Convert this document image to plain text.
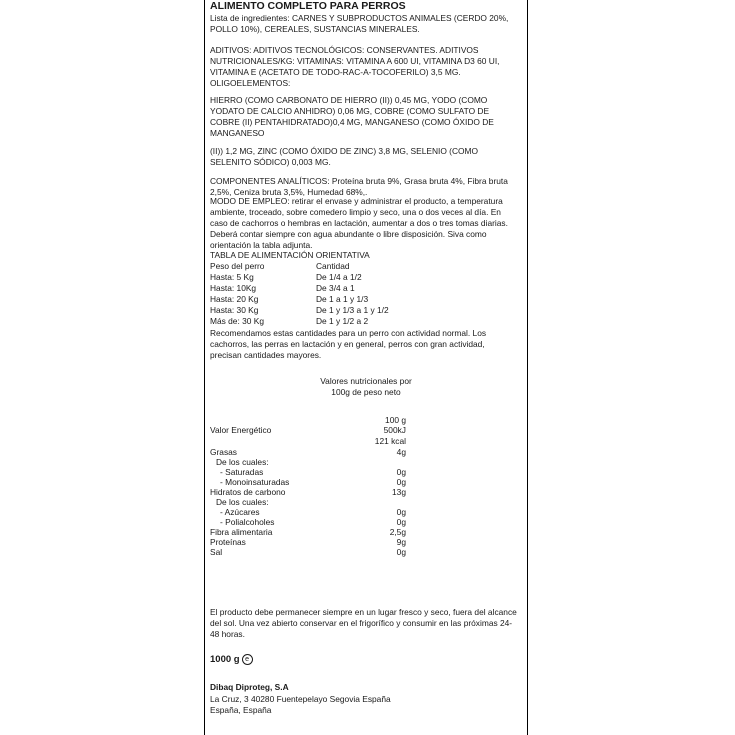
ALIMENTO COMPLETO PARA PERROS
Lista de ingredientes: CARNES Y SUBPRODUCTOS ANIMALES (CERDO 20%,
POLLO 10%), CEREALES, SUSTANCIAS MINERALES.
ADITIVOS: ADITIVOS TECNOLÓGICOS: CONSERVANTES. ADITIVOS
NUTRICIONALES/KG: VITAMINAS: VITAMINA A 600 UI, VITAMINA D3 60 UI,
VITAMINA E (ACETATO DE TODO-RAC-A-TOCOFERILO) 3,5 MG.
OLIGOELEMENTOS:
HIERRO (COMO CARBONATO DE HIERRO (II)) 0,45 MG, YODO (COMO
YODATO DE CALCIO ANHIDRO) 0,06 MG, COBRE (COMO SULFATO DE
COBRE (II) PENTAHIDRATADO)0,4 MG, MANGANESO (COMO ÓXIDO DE
MANGANESO
(II)) 1,2 MG, ZINC (COMO ÓXIDO DE ZINC) 3,8 MG, SELENIO (COMO
SELENITO SÓDICO) 0,003 MG.
COMPONENTES ANALÍTICOS: Proteína bruta 9%, Grasa bruta 4%, Fibra bruta
2,5%, Ceniza bruta 3,5%, Humedad 68%,.
MODO DE EMPLEO: retirar el envase y administrar el producto, a temperatura
ambiente, troceado, sobre comedero limpio y seco, una o dos veces al día. En
caso de cachorros o hembras en lactación, aumentar a dos o tres tomas diarias.
Deberá contar siempre con agua abundante o libre disposición. Siva como
orientación la tabla adjunta.
TABLA DE ALIMENTACIÓN ORIENTATIVA
Peso del perro	Cantidad
Hasta: 5 Kg	De 1/4 a 1/2
Hasta: 10Kg	De 3/4 a 1
Hasta: 20 Kg	De 1 a 1 y 1/3
Hasta: 30 Kg	De 1 y 1/3 a 1 y 1/2
Más de: 30 Kg	De 1 y 1/2 a 2
Recomendamos estas cantidades para un perro con actividad normal. Los
cachorros, las perras en lactación y en general, perros con gran actividad,
precisan cantidades mayores.
Valores nutricionales por
100g de peso neto
100 g
Valor Energético	500kJ
121 kcal
Grasas	4g
De los cuales:
- Saturadas	0g
- Monoinsaturadas	0g
Hidratos de carbono	13g
De los cuales:
- Azúcares	0g
- Polialcoholes	0g
Fibra alimentaria	2,5g
Proteínas	9g
Sal	0g
El producto debe permanecer siempre en un lugar fresco y seco, fuera del alcance
del sol. Una vez abierto conservar en el frigorífico y consumir en las próximas 24-
48 horas.
1000 g e
Dibaq Diproteg, S.A
La Cruz, 3 40280 Fuentepelayo Segovia España
España, España
